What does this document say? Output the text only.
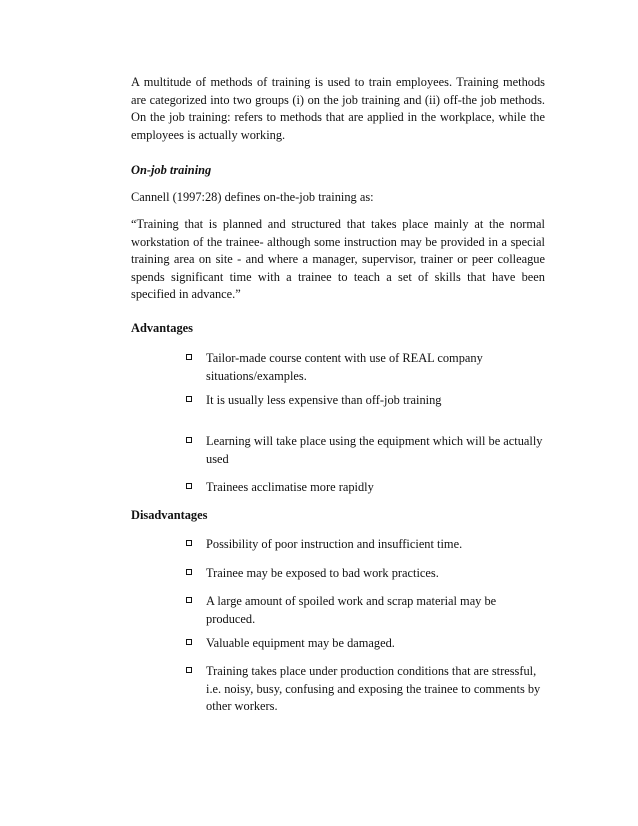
A multitude of methods of training is used to train employees. Training methods are categorized into two groups (i) on the job training and (ii) off-the job methods. On the job training: refers to methods that are applied in the workplace, while the employees is actually working.

On-job training

Cannell (1997:28) defines on-the-job training as:

“Training that is planned and structured that takes place mainly at the normal workstation of the trainee- although some instruction may be provided in a special training area on site - and where a manager, supervisor, trainer or peer colleague spends significant time with a trainee to teach a set of skills that have been specified in advance.”

Advantages

Tailor-made course content with use of REAL company situations/examples.
It is usually less expensive than off-job training
Learning will take place using the equipment which will be actually used
Trainees acclimatise more rapidly

Disadvantages

Possibility of poor instruction and insufficient time.
Trainee may be exposed to bad work practices.
A large amount of spoiled work and scrap material may be produced.
Valuable equipment may be damaged.
Training takes place under production conditions that are stressful, i.e. noisy, busy, confusing and exposing the trainee to comments by other workers.
